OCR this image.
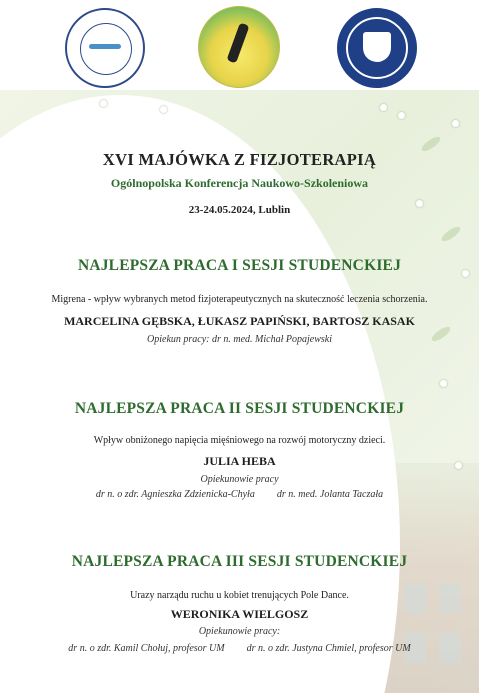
XVI MAJÓWKA Z FIZJOTERAPIĄ
Ogólnopolska Konferencja Naukowo-Szkoleniowa
23-24.05.2024, Lublin
NAJLEPSZA PRACA I SESJI STUDENCKIEJ
Migrena - wpływ wybranych metod fizjoterapeutycznych na skuteczność leczenia schorzenia.
MARCELINA GĘBSKA, ŁUKASZ PAPIŃSKI, BARTOSZ KASAK
Opiekun pracy: dr n. med. Michał Popajewski
NAJLEPSZA PRACA II SESJI STUDENCKIEJ
Wpływ obniżonego napięcia mięśniowego na rozwój motoryczny dzieci.
JULIA HEBA
Opiekunowie pracy
dr n. o zdr. Agnieszka Zdzienicka-Chyła dr n. med. Jolanta Taczała
NAJLEPSZA PRACA III SESJI STUDENCKIEJ
Urazy narządu ruchu u kobiet trenujących Pole Dance.
WERONIKA WIELGOSZ
Opiekunowie pracy:
dr n. o zdr. Kamil Chołuj, profesor UM dr n. o zdr. Justyna Chmiel, profesor UM
